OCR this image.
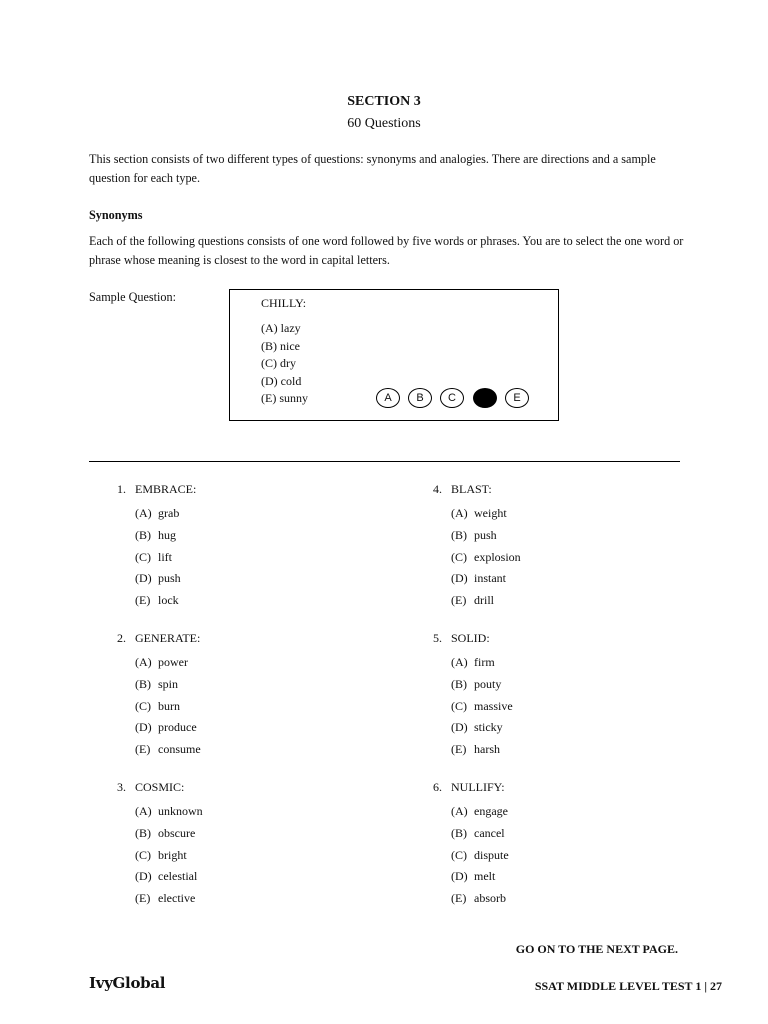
SECTION 3
60 Questions
This section consists of two different types of questions: synonyms and analogies. There are directions and a sample question for each type.
Synonyms
Each of the following questions consists of one word followed by five words or phrases. You are to select the one word or phrase whose meaning is closest to the word in capital letters.
Sample Question:	CHILLY:
(A) lazy
(B) nice
(C) dry
(D) cold
(E) sunny	A	B	C	D	E
1. EMBRACE:
(A) grab
(B) hug
(C) lift
(D) push
(E) lock
2. GENERATE:
(A) power
(B) spin
(C) burn
(D) produce
(E) consume
3. COSMIC:
(A) unknown
(B) obscure
(C) bright
(D) celestial
(E) elective
4. BLAST:
(A) weight
(B) push
(C) explosion
(D) instant
(E) drill
5. SOLID:
(A) firm
(B) pouty
(C) massive
(D) sticky
(E) harsh
6. NULLIFY:
(A) engage
(B) cancel
(C) dispute
(D) melt
(E) absorb
GO ON TO THE NEXT PAGE.
IvyGlobal	SSAT MIDDLE LEVEL TEST 1 | 27
